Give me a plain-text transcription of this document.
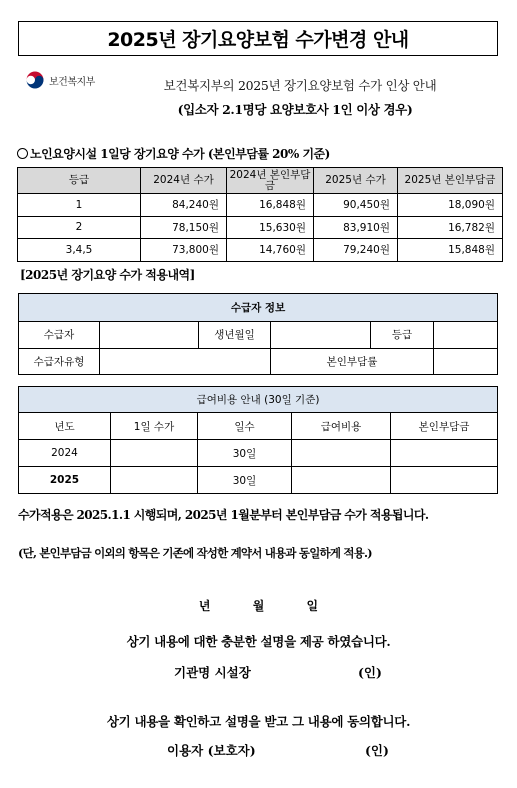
2025년 장기요양보험 수가변경 안내
보건복지부	보건복지부의 2025년 장기요양보험 수가 인상 안내
(입소자 2.1명당 요양보호사 1인 이상 경우)
노인요양시설 1일당 장기요양 수가 (본인부담률 20% 기준)
등급	2024년 수가	2024년 본인부담금	2025년 수가	2025년 본인부담금
1	84,240원	16,848원	90,450원	18,090원
2	78,150원	15,630원	83,910원	16,782원
3,4,5	73,800원	14,760원	79,240원	15,848원
[2025년 장기요양 수가 적용내역]
수급자 정보					
수급자		생년월일		등급	
수급자유형			본인부담률		
급여비용 안내 (30일 기준)				
년도	1일 수가	일수	급여비용	본인부담금
2024		30일		
2025		30일		
수가적용은 2025.1.1 시행되며, 2025년 1월분부터 본인부담금 수가 적용됩니다.
(단, 본인부담금 이외의 항목은 기존에 작성한 계약서 내용과 동일하게 적용.)
년 월 일
상기 내용에 대한 충분한 설명을 제공 하였습니다.
기관명 시설장	(인)
상기 내용을 확인하고 설명을 받고 그 내용에 동의합니다.
이용자 (보호자)	(인)
